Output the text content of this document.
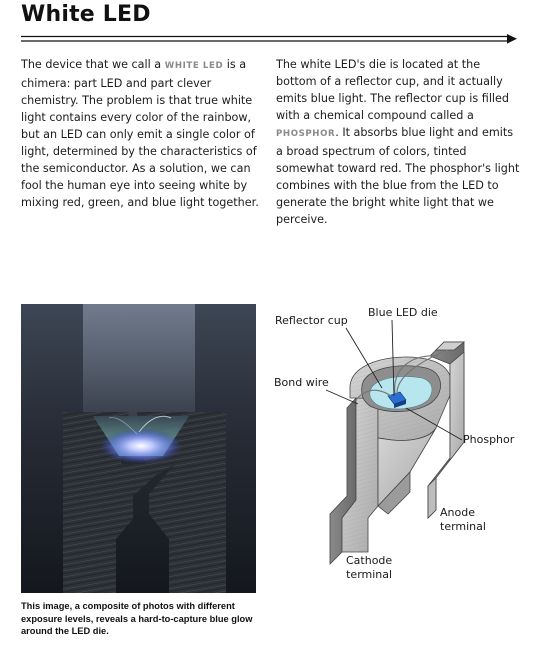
White LED

The device that we call a WHITE LED is a chimera: part LED and part clever chemistry. The problem is that true white light contains every color of the rainbow, but an LED can only emit a single color of light, determined by the characteristics of the semiconductor. As a solution, we can fool the human eye into seeing white by mixing red, green, and blue light together.

The white LED's die is located at the bottom of a reflector cup, and it actually emits blue light. The reflector cup is filled with a chemical compound called a PHOSPHOR. It absorbs blue light and emits a broad spectrum of colors, tinted somewhat toward red. The phosphor's light combines with the blue from the LED to generate the bright white light that we perceive.

This image, a composite of photos with different exposure levels, reveals a hard-to-capture blue glow around the LED die.

Reflector cup
Blue LED die
Bond wire
Phosphor
Anode
terminal
Cathode
terminal
